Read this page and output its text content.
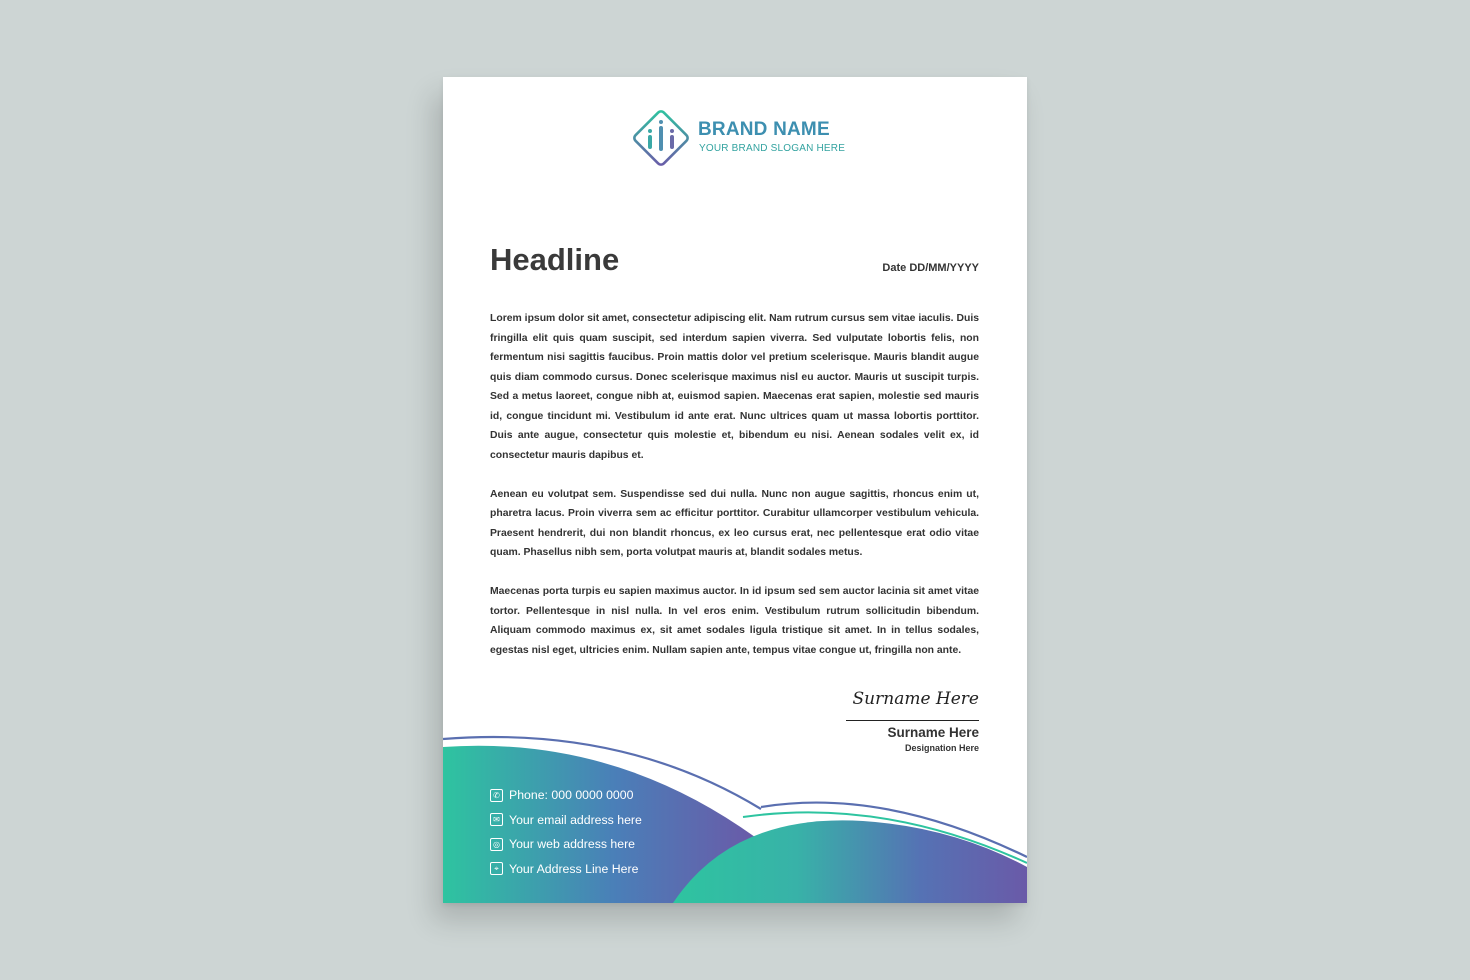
BRAND NAME
YOUR BRAND SLOGAN HERE
Headline	Date DD/MM/YYYY

Lorem ipsum dolor sit amet, consectetur adipiscing elit. Nam rutrum cursus sem vitae iaculis. Duis fringilla elit quis quam suscipit, sed interdum sapien viverra. Sed vulputate lobortis felis, non fermentum nisi sagittis faucibus. Proin mattis dolor vel pretium scelerisque. Mauris blandit augue quis diam commodo cursus. Donec scelerisque maximus nisl eu auctor. Mauris ut suscipit turpis. Sed a metus laoreet, congue nibh at, euismod sapien. Maecenas erat sapien, molestie sed mauris id, congue tincidunt mi. Vestibulum id ante erat. Nunc ultrices quam ut massa lobortis porttitor. Duis ante augue, consectetur quis molestie et, bibendum eu nisi. Aenean sodales velit ex, id consectetur mauris dapibus et.

Aenean eu volutpat sem. Suspendisse sed dui nulla. Nunc non augue sagittis, rhoncus enim ut, pharetra lacus. Proin viverra sem ac efficitur porttitor. Curabitur ullamcorper vestibulum vehicula. Praesent hendrerit, dui non blandit rhoncus, ex leo cursus erat, nec pellentesque erat odio vitae quam. Phasellus nibh sem, porta volutpat mauris at, blandit sodales metus.

Maecenas porta turpis eu sapien maximus auctor. In id ipsum sed sem auctor lacinia sit amet vitae tortor. Pellentesque in nisl nulla. In vel eros enim. Vestibulum rutrum sollicitudin bibendum. Aliquam commodo maximus ex, sit amet sodales ligula tristique sit amet. In in tellus sodales, egestas nisl eget, ultricies enim. Nullam sapien ante, tempus vitae congue ut, fringilla non ante.

Surname Here
Surname Here
Designation Here
✆ Phone: 000 0000 0000
✉ Your email address here
◎ Your web address here
⌖ Your Address Line Here
